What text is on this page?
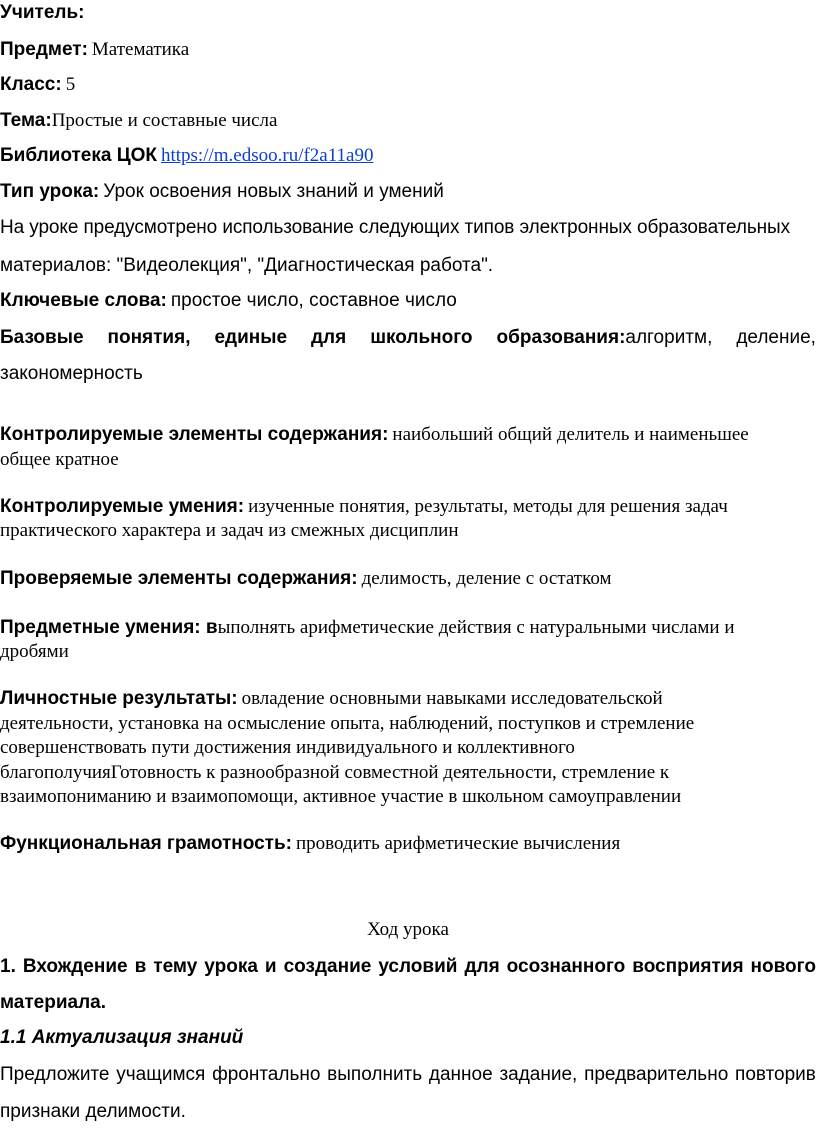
Учитель:
Предмет: Математика
Класс: 5
Тема:Простые и составные числа
Библиотека ЦОК https://m.edsoo.ru/f2a11a90
Тип урока: Урок освоения новых знаний и умений
На уроке предусмотрено использование следующих типов электронных образовательных
материалов: "Видеолекция", "Диагностическая работа".
Ключевые слова: простое число, составное число
Базовые понятия, единые для школьного образования:алгоритм, деление,
закономерность
Контролируемые элементы содержания: наибольший общий делитель и наименьшее
общее кратное
Контролируемые умения: изученные понятия, результаты, методы для решения задач
практического характера и задач из смежных дисциплин
Проверяемые элементы содержания: делимость, деление с остатком
Предметные умения: выполнять арифметические действия с натуральными числами и
дробями
Личностные результаты: овладение основными навыками исследовательской
деятельности, установка на осмысление опыта, наблюдений, поступков и стремление
совершенствовать пути достижения индивидуального и коллективного
благополучияГотовность к разнообразной совместной деятельности, стремление к
взаимопониманию и взаимопомощи, активное участие в школьном самоуправлении
Функциональная грамотность: проводить арифметические вычисления
Ход урока
1. Вхождение в тему урока и создание условий для осознанного восприятия нового
материала.
1.1 Актуализация знаний
Предложите учащимся фронтально выполнить данное задание, предварительно повторив
признаки делимости.
